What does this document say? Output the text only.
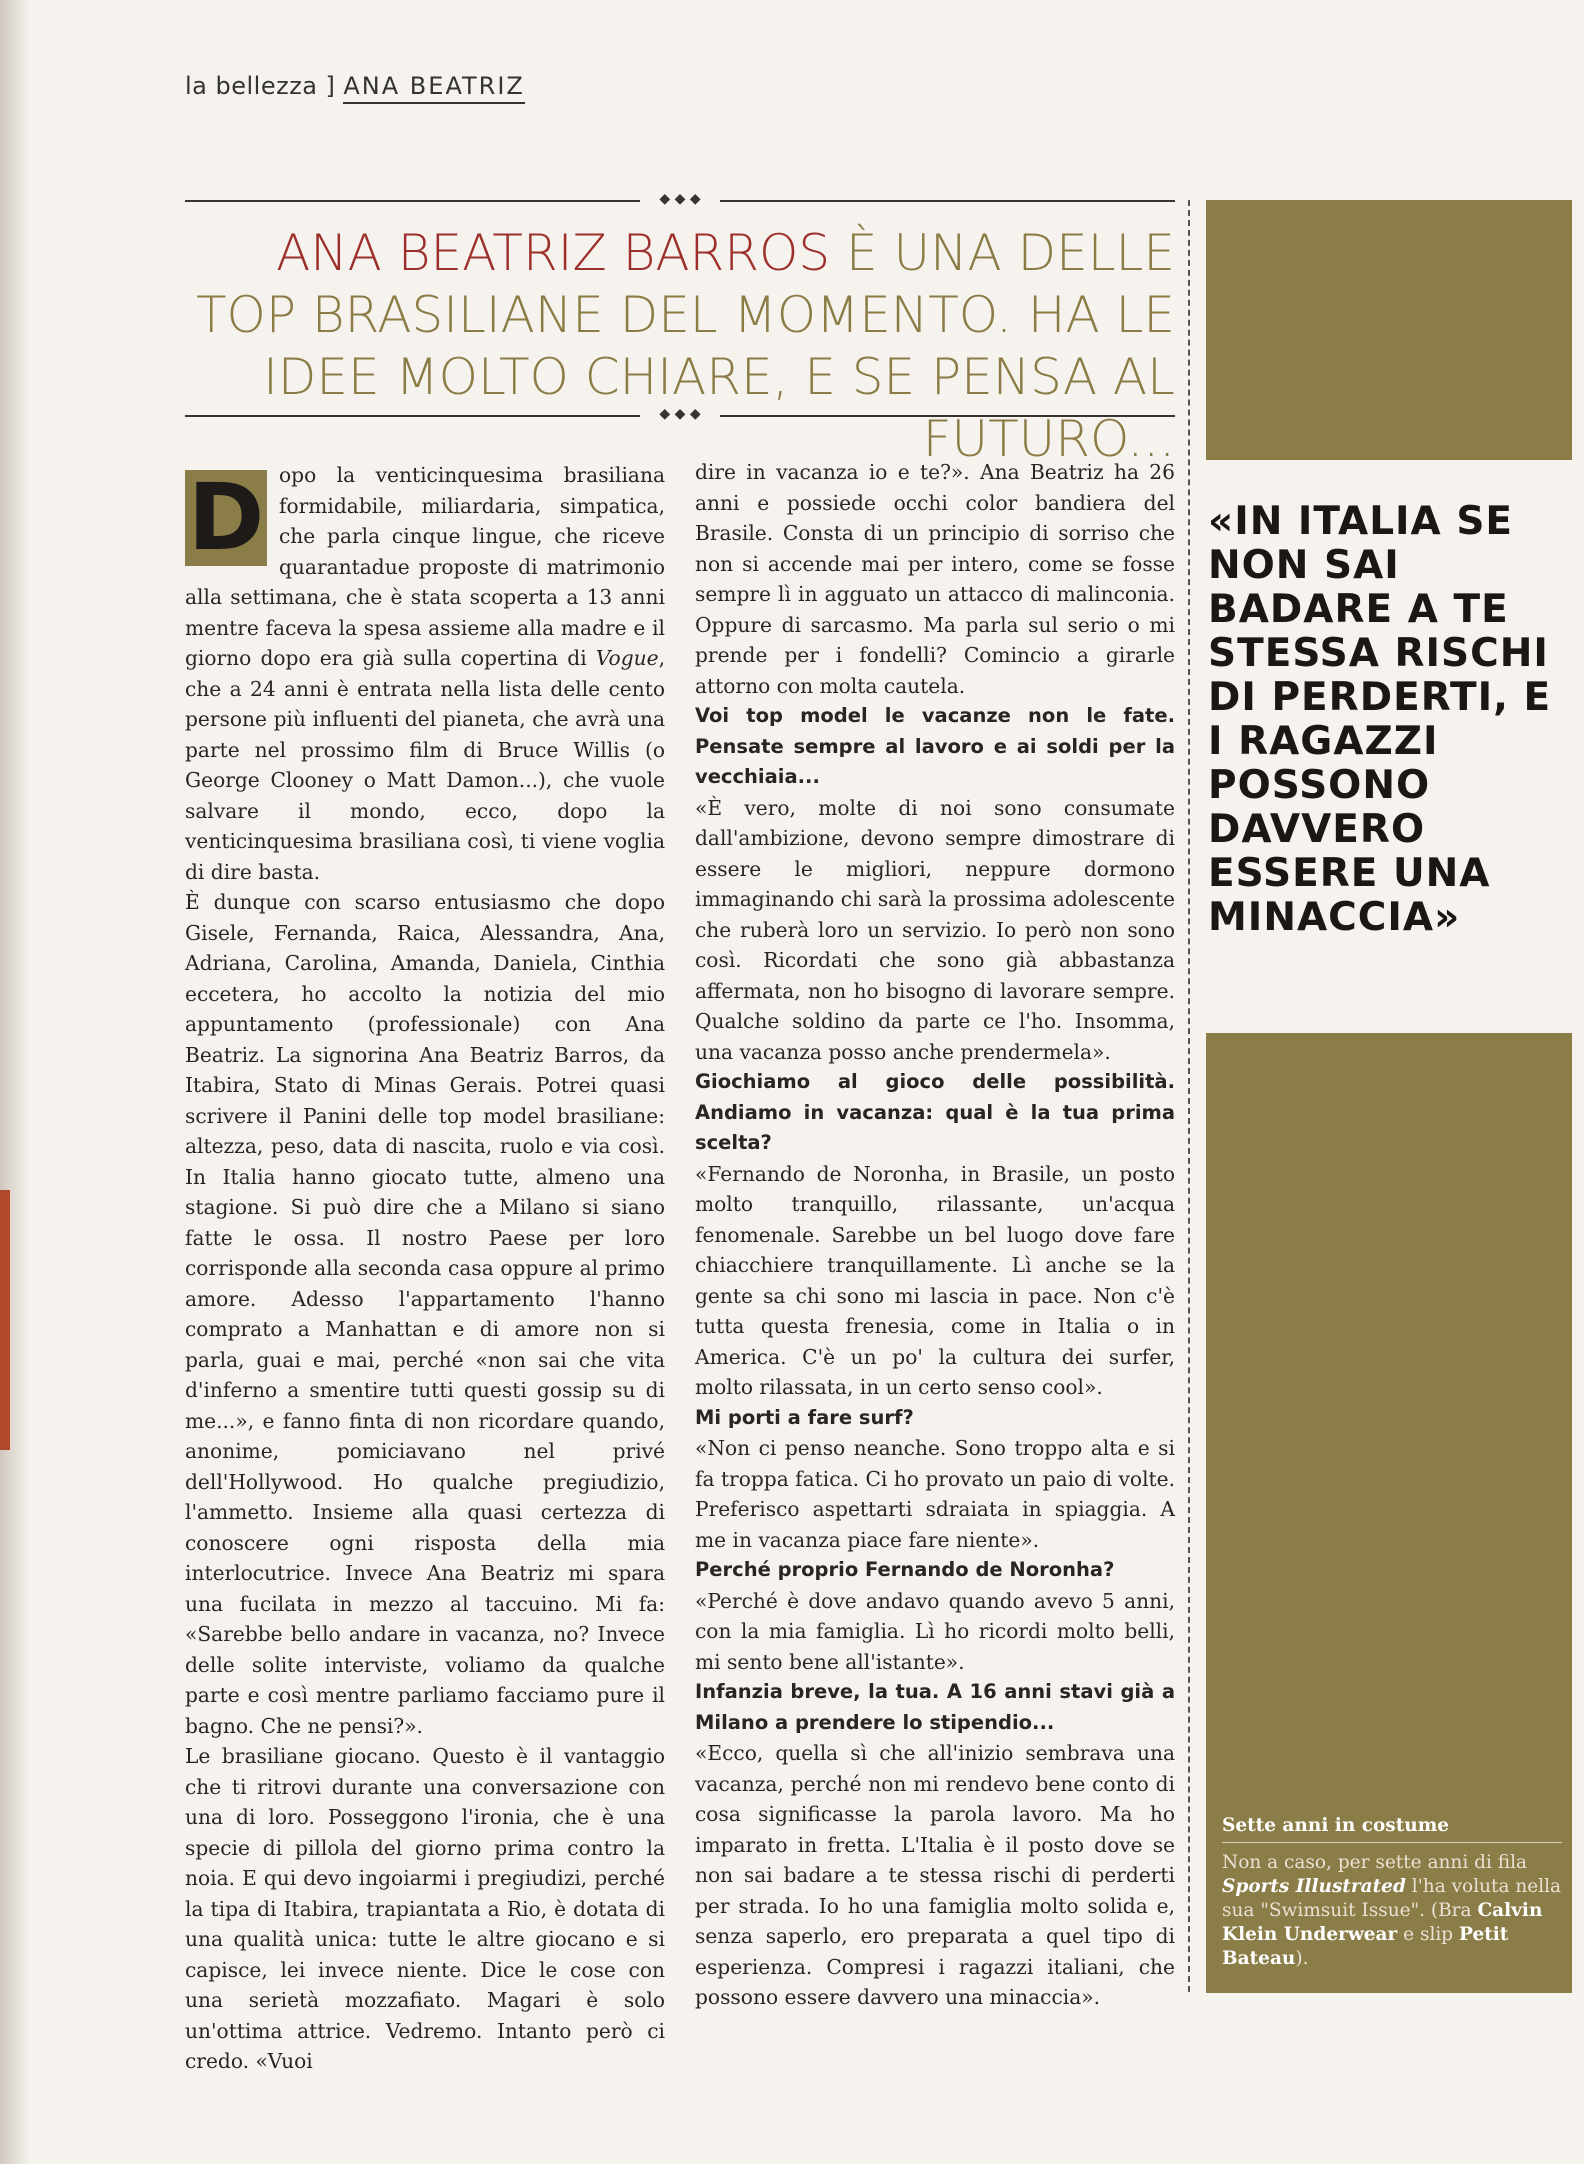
la bellezza ] ANA BEATRIZ
◆ ◆ ◆
ANA BEATRIZ BARROS È UNA DELLE TOP BRASILIANE DEL MOMENTO. HA LE IDEE MOLTO CHIARE, E SE PENSA AL FUTURO...
◆ ◆ ◆

D opo la venticinquesima brasiliana formidabile, miliardaria, simpatica, che parla cinque lingue, che riceve quarantadue proposte di matrimonio alla settimana, che è stata scoperta a 13 anni mentre faceva la spesa assieme alla madre e il giorno dopo era già sulla copertina di Vogue, che a 24 anni è entrata nella lista delle cento persone più influenti del pianeta, che avrà una parte nel prossimo film di Bruce Willis (o George Clooney o Matt Damon...), che vuole salvare il mondo, ecco, dopo la venticinquesima brasiliana così, ti viene voglia di dire basta.

È dunque con scarso entusiasmo che dopo Gisele, Fernanda, Raica, Alessandra, Ana, Adriana, Carolina, Amanda, Daniela, Cinthia eccetera, ho accolto la notizia del mio appuntamento (professionale) con Ana Beatriz. La signorina Ana Beatriz Barros, da Itabira, Stato di Minas Gerais. Potrei quasi scrivere il Panini delle top model brasiliane: altezza, peso, data di nascita, ruolo e via così. In Italia hanno giocato tutte, almeno una stagione. Si può dire che a Milano si siano fatte le ossa. Il nostro Paese per loro corrisponde alla seconda casa oppure al primo amore. Adesso l'appartamento l'hanno comprato a Manhattan e di amore non si parla, guai e mai, perché «non sai che vita d'inferno a smentire tutti questi gossip su di me...», e fanno finta di non ricordare quando, anonime, pomiciavano nel privé dell'Hollywood. Ho qualche pregiudizio, l'ammetto. Insieme alla quasi certezza di conoscere ogni risposta della mia interlocutrice. Invece Ana Beatriz mi spara una fucilata in mezzo al taccuino. Mi fa: «Sarebbe bello andare in vacanza, no? Invece delle solite interviste, voliamo da qualche parte e così mentre parliamo facciamo pure il bagno. Che ne pensi?».

Le brasiliane giocano. Questo è il vantaggio che ti ritrovi durante una conversazione con una di loro. Posseggono l'ironia, che è una specie di pillola del giorno prima contro la noia. E qui devo ingoiarmi i pregiudizi, perché la tipa di Itabira, trapiantata a Rio, è dotata di una qualità unica: tutte le altre giocano e si capisce, lei invece niente. Dice le cose con una serietà mozzafiato. Magari è solo un'ottima attrice. Vedremo. Intanto però ci credo. «Vuoi

dire in vacanza io e te?». Ana Beatriz ha 26 anni e possiede occhi color bandiera del Brasile. Consta di un principio di sorriso che non si accende mai per intero, come se fosse sempre lì in agguato un attacco di malinconia. Oppure di sarcasmo. Ma parla sul serio o mi prende per i fondelli? Comincio a girarle attorno con molta cautela.

Voi top model le vacanze non le fate. Pensate sempre al lavoro e ai soldi per la vecchiaia...

«È vero, molte di noi sono consumate dall'ambizione, devono sempre dimostrare di essere le migliori, neppure dormono immaginando chi sarà la prossima adolescente che ruberà loro un servizio. Io però non sono così. Ricordati che sono già abbastanza affermata, non ho bisogno di lavorare sempre. Qualche soldino da parte ce l'ho. Insomma, una vacanza posso anche prendermela».

Giochiamo al gioco delle possibilità. Andiamo in vacanza: qual è la tua prima scelta?

«Fernando de Noronha, in Brasile, un posto molto tranquillo, rilassante, un'acqua fenomenale. Sarebbe un bel luogo dove fare chiacchiere tranquillamente. Lì anche se la gente sa chi sono mi lascia in pace. Non c'è tutta questa frenesia, come in Italia o in America. C'è un po' la cultura dei surfer, molto rilassata, in un certo senso cool».

Mi porti a fare surf?

«Non ci penso neanche. Sono troppo alta e si fa troppa fatica. Ci ho provato un paio di volte. Preferisco aspettarti sdraiata in spiaggia. A me in vacanza piace fare niente».

Perché proprio Fernando de Noronha?

«Perché è dove andavo quando avevo 5 anni, con la mia famiglia. Lì ho ricordi molto belli, mi sento bene all'istante».

Infanzia breve, la tua. A 16 anni stavi già a Milano a prendere lo stipendio...

«Ecco, quella sì che all'inizio sembrava una vacanza, perché non mi rendevo bene conto di cosa significasse la parola lavoro. Ma ho imparato in fretta. L'Italia è il posto dove se non sai badare a te stessa rischi di perderti per strada. Io ho una famiglia molto solida e, senza saperlo, ero preparata a quel tipo di esperienza. Compresi i ragazzi italiani, che possono essere davvero una minaccia».

«IN ITALIA SE NON SAI BADARE A TE STESSA RISCHI DI PERDERTI, E I RAGAZZI POSSONO DAVVERO ESSERE UNA MINACCIA»
Sette anni in costume
Non a caso, per sette anni di fila Sports Illustrated l'ha voluta nella sua "Swimsuit Issue". (Bra Calvin Klein Underwear e slip Petit Bateau).
